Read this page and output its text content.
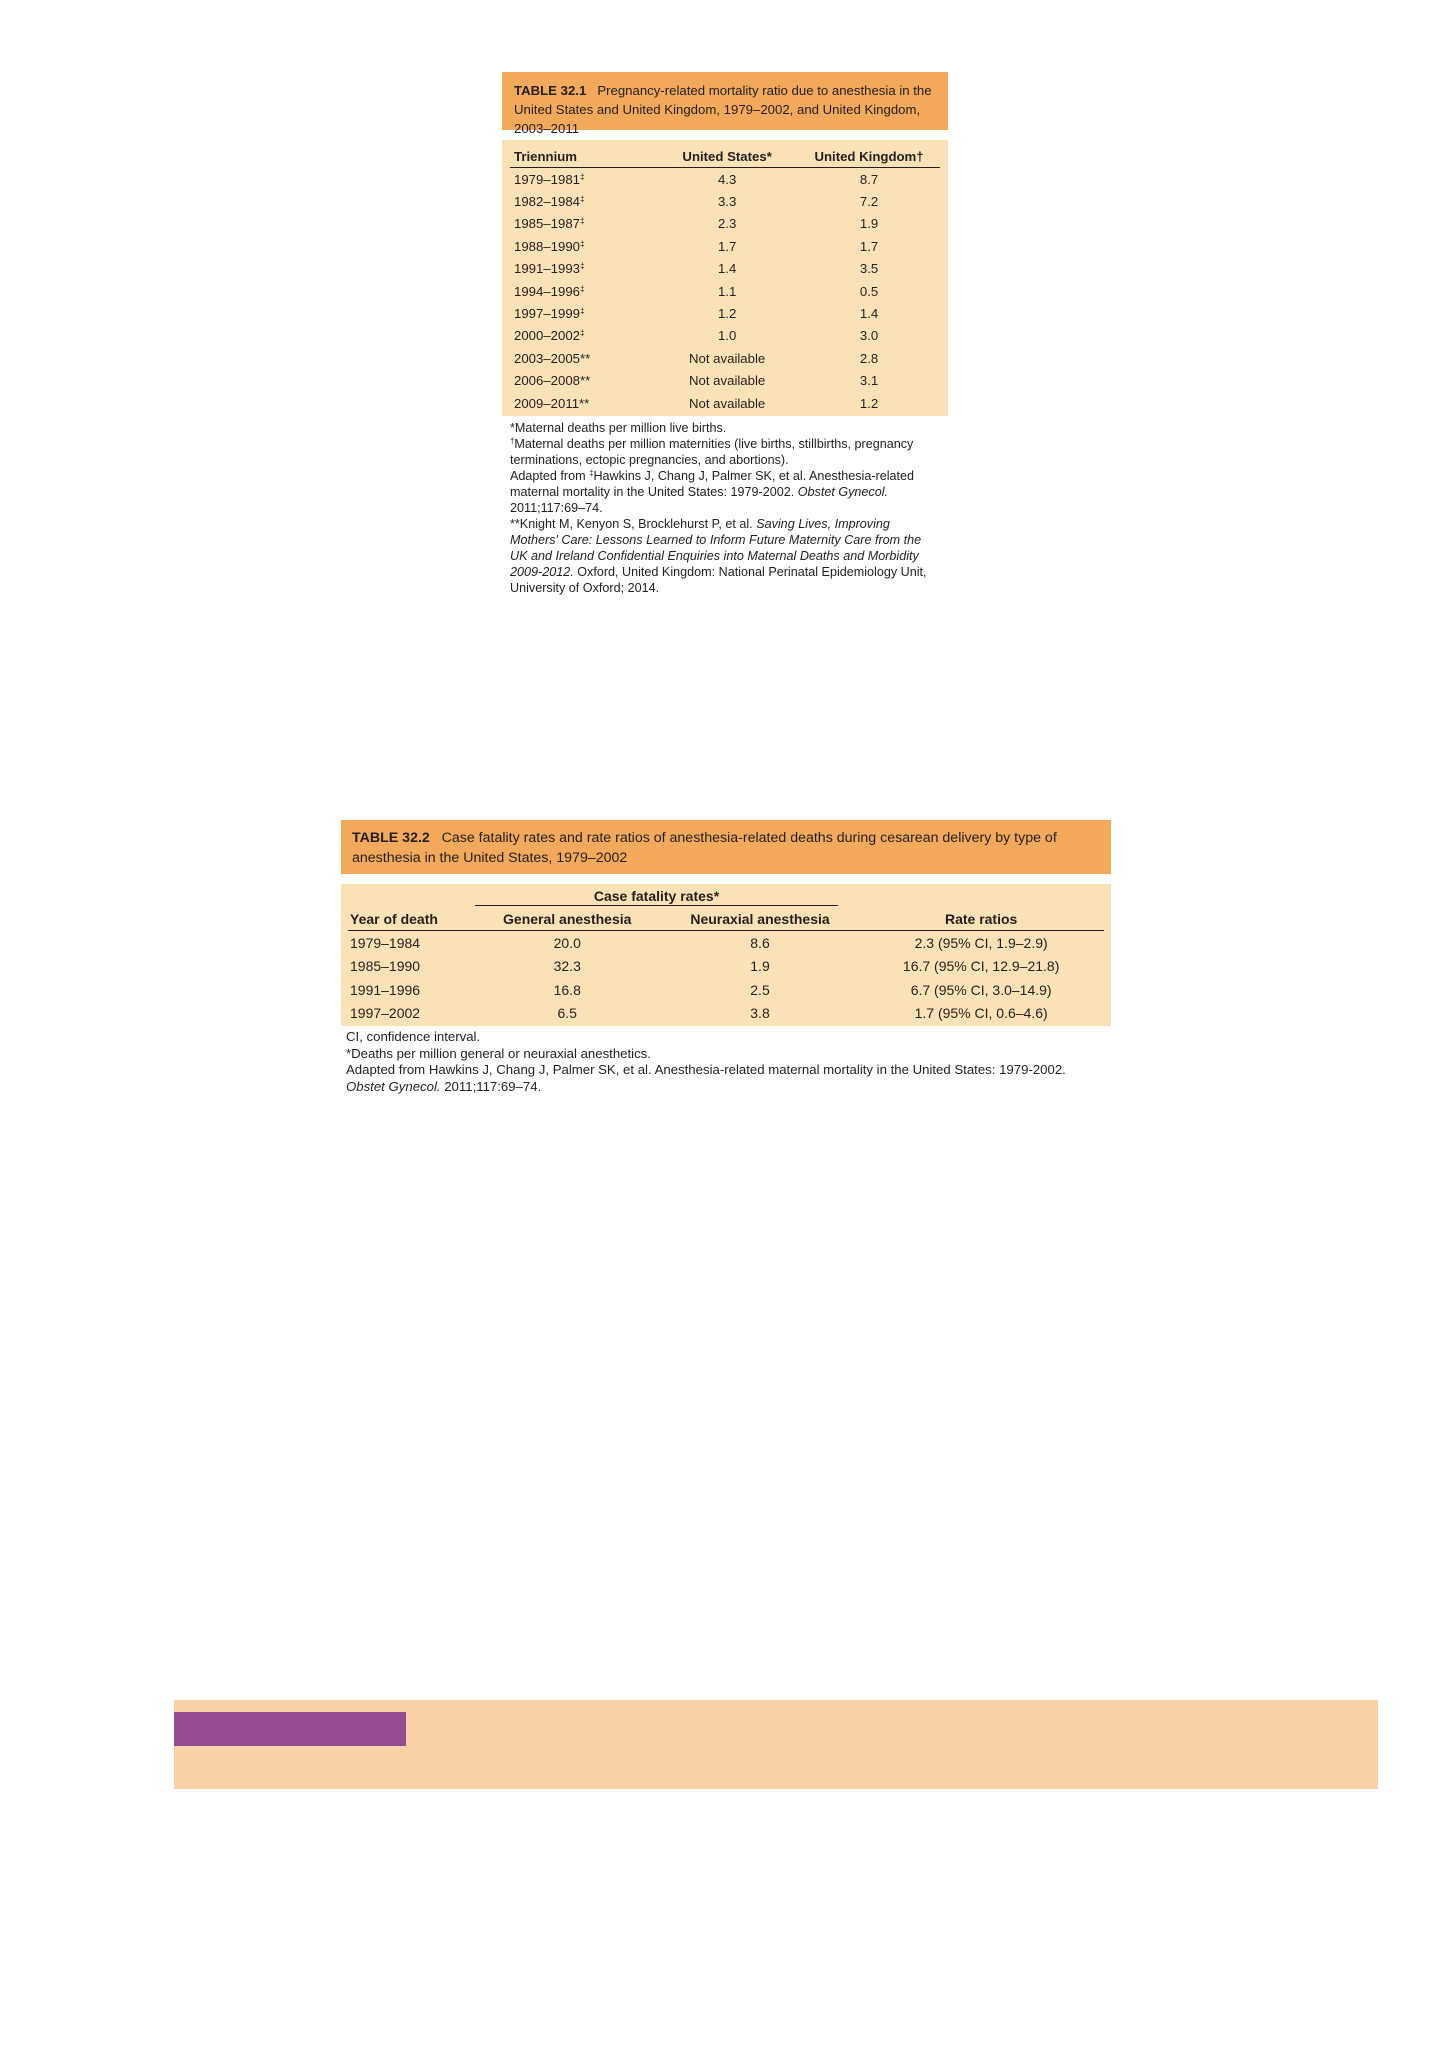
TABLE 32.1 Pregnancy-related mortality ratio due to anesthesia in the United States and United Kingdom, 1979–2002, and United Kingdom, 2003–2011
Triennium	United States*	United Kingdom†
1979–1981‡	4.3	8.7
1982–1984‡	3.3	7.2
1985–1987‡	2.3	1.9
1988–1990‡	1.7	1.7
1991–1993‡	1.4	3.5
1994–1996‡	1.1	0.5
1997–1999‡	1.2	1.4
2000–2002‡	1.0	3.0
2003–2005**	Not available	2.8
2006–2008**	Not available	3.1
2009–2011**	Not available	1.2
*Maternal deaths per million live births.
†Maternal deaths per million maternities (live births, stillbirths, pregnancy terminations, ectopic pregnancies, and abortions).
Adapted from ‡Hawkins J, Chang J, Palmer SK, et al. Anesthesia-related maternal mortality in the United States: 1979-2002. Obstet Gynecol. 2011;117:69–74.
**Knight M, Kenyon S, Brocklehurst P, et al. Saving Lives, Improving Mothers' Care: Lessons Learned to Inform Future Maternity Care from the UK and Ireland Confidential Enquiries into Maternal Deaths and Morbidity 2009-2012. Oxford, United Kingdom: National Perinatal Epidemiology Unit, University of Oxford; 2014.
TABLE 32.2 Case fatality rates and rate ratios of anesthesia-related deaths during cesarean delivery by type of anesthesia in the United States, 1979–2002

	Case fatality rates*		

Year of death	General anesthesia	Neuraxial anesthesia	Rate ratios
1979–1984	20.0	8.6	2.3 (95% CI, 1.9–2.9)
1985–1990	32.3	1.9	16.7 (95% CI, 12.9–21.8)
1991–1996	16.8	2.5	6.7 (95% CI, 3.0–14.9)
1997–2002	6.5	3.8	1.7 (95% CI, 0.6–4.6)
CI, confidence interval.
*Deaths per million general or neuraxial anesthetics.
Adapted from Hawkins J, Chang J, Palmer SK, et al. Anesthesia-related maternal mortality in the United States: 1979-2002.
Obstet Gynecol. 2011;117:69–74.
